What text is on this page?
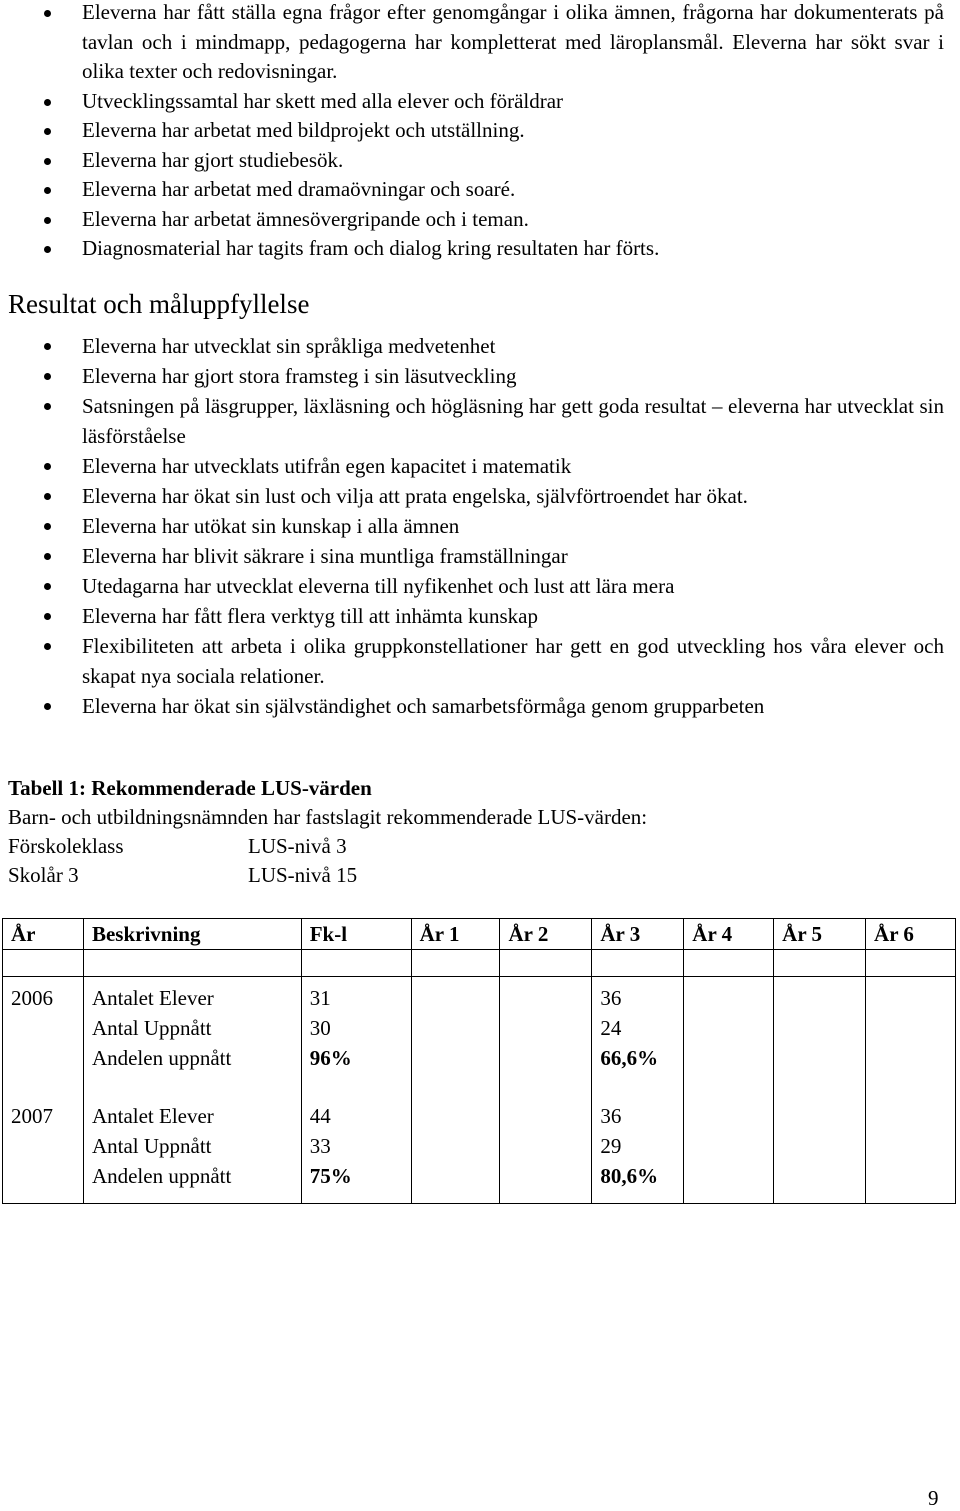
Eleverna har fått ställa egna frågor efter genomgångar i olika ämnen, frågorna har dokumenterats på tavlan och i mindmapp, pedagogerna har kompletterat med läroplansmål. Eleverna har sökt svar i olika texter och redovisningar.
Utvecklingssamtal har skett med alla elever och föräldrar
Eleverna har arbetat med bildprojekt och utställning.
Eleverna har gjort studiebesök.
Eleverna har arbetat med dramaövningar och soaré.
Eleverna har arbetat ämnesövergripande och i teman.
Diagnosmaterial har tagits fram och dialog kring resultaten har förts.
Resultat och måluppfyllelse
Eleverna har utvecklat sin språkliga medvetenhet
Eleverna har gjort stora framsteg i sin läsutveckling
Satsningen på läsgrupper, läxläsning och högläsning har gett goda resultat – eleverna har utvecklat sin läsförståelse
Eleverna har utvecklats utifrån egen kapacitet i matematik
Eleverna har ökat sin lust och vilja att prata engelska, självförtroendet har ökat.
Eleverna har utökat sin kunskap i alla ämnen
Eleverna har blivit säkrare i sina muntliga framställningar
Utedagarna har utvecklat eleverna till nyfikenhet och lust att lära mera
Eleverna har fått flera verktyg till att inhämta kunskap
Flexibiliteten att arbeta i olika gruppkonstellationer har gett en god utveckling hos våra elever och skapat nya sociala relationer.
Eleverna har ökat sin självständighet och samarbetsförmåga genom grupparbeten
Tabell 1: Rekommenderade LUS-värden
Barn- och utbildningsnämnden har fastslagit rekommenderade LUS-värden:
Förskoleklass	LUS-nivå 3
Skolår 3	LUS-nivå 15
År	Beskrivning	Fk-l	År 1	År 2	År 3	År 4	År 5	År 6

2006	Antalet Elever	31			36			
	Antal Uppnått	30			24			
	Andelen uppnått	96%			66,6%			

2007	Antalet Elever	44			36			
	Antal Uppnått	33			29			
	Andelen uppnått	75%			80,6%			

9
